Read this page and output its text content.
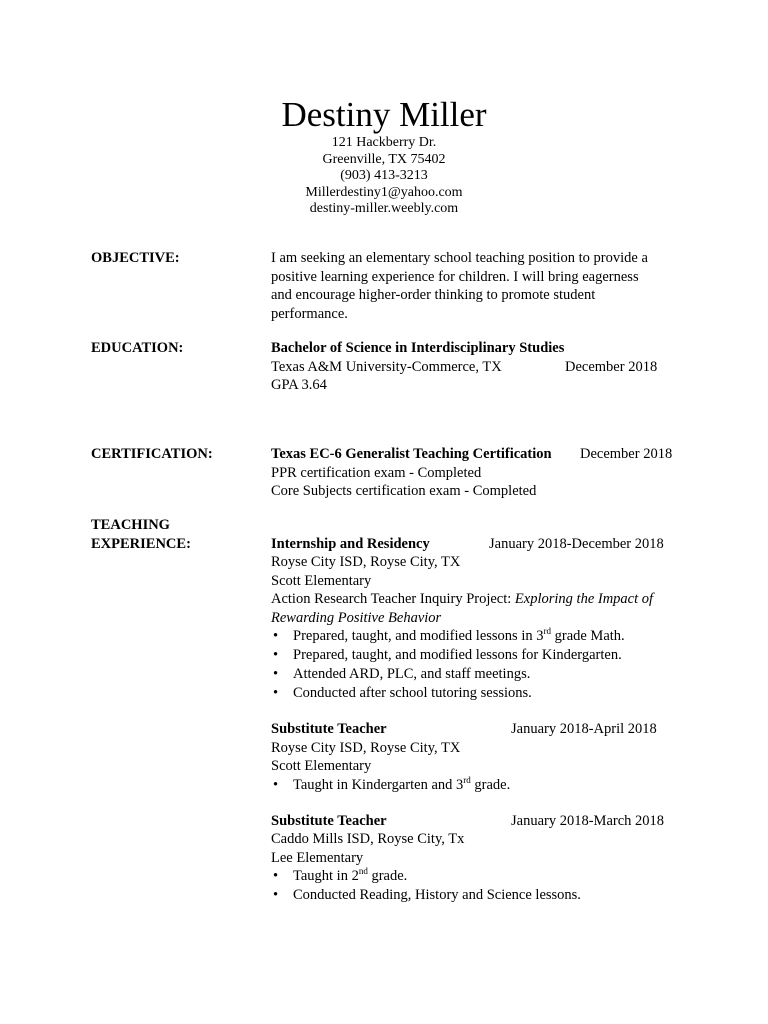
Destiny Miller
121 Hackberry Dr.
Greenville, TX 75402
(903) 413-3213
Millerdestiny1@yahoo.com
destiny-miller.weebly.com
OBJECTIVE:	I am seeking an elementary school teaching position to provide a
positive learning experience for children. I will bring eagerness
and encourage higher-order thinking to promote student
performance.
EDUCATION:	Bachelor of Science in Interdisciplinary Studies
Texas A&M University-Commerce, TX	December 2018
GPA 3.64
CERTIFICATION:	Texas EC-6 Generalist Teaching Certification December 2018
PPR certification exam - Completed
Core Subjects certification exam - Completed
TEACHING
EXPERIENCE:	Internship and Residency	January 2018-December 2018
Royse City ISD, Royse City, TX
Scott Elementary
Action Research Teacher Inquiry Project: Exploring the Impact of
Rewarding Positive Behavior
• Prepared, taught, and modified lessons in 3rd grade Math.
• Prepared, taught, and modified lessons for Kindergarten.
• Attended ARD, PLC, and staff meetings.
• Conducted after school tutoring sessions.
Substitute Teacher	January 2018-April 2018
Royse City ISD, Royse City, TX
Scott Elementary
• Taught in Kindergarten and 3rd grade.
Substitute Teacher	January 2018-March 2018
Caddo Mills ISD, Royse City, Tx
Lee Elementary
• Taught in 2nd grade.
• Conducted Reading, History and Science lessons.
